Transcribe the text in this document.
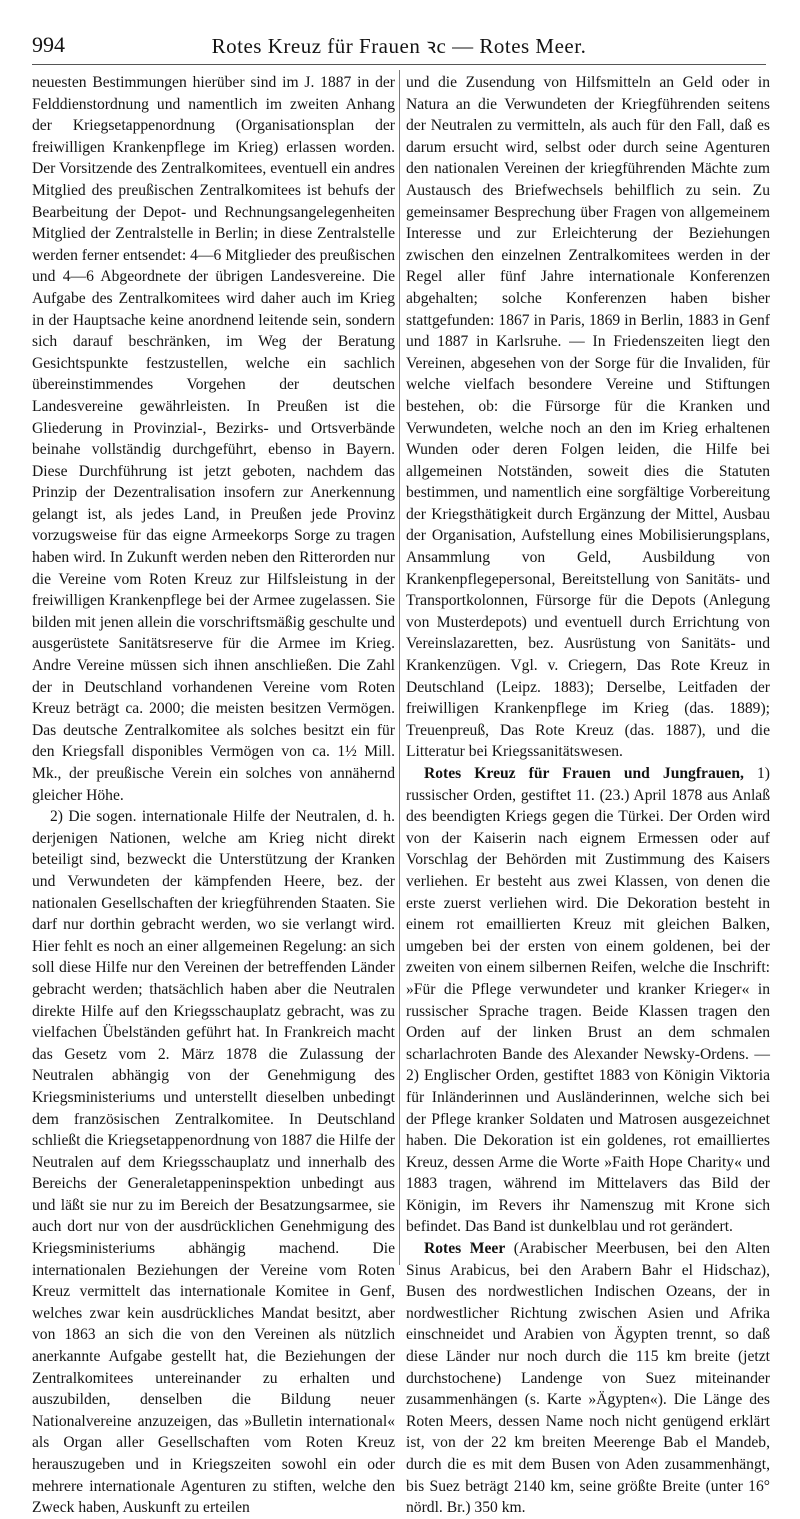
994	Rotes Kreuz für Frauen ꝛc — Rotes Meer.

neuesten Bestimmungen hierüber sind im J. 1887 in der Felddienstordnung und namentlich im zweiten Anhang der Kriegsetappenordnung (Organisationsplan der freiwilligen Krankenpflege im Krieg) erlassen worden. Der Vorsitzende des Zentralkomitees, eventuell ein andres Mitglied des preußischen Zentralkomitees ist behufs der Bearbeitung der Depot- und Rechnungsangelegenheiten Mitglied der Zentralstelle in Berlin; in diese Zentralstelle werden ferner entsendet: 4—6 Mitglieder des preußischen und 4—6 Abgeordnete der übrigen Landesvereine. Die Aufgabe des Zentralkomitees wird daher auch im Krieg in der Hauptsache keine anordnend leitende sein, sondern sich darauf beschränken, im Weg der Beratung Gesichtspunkte festzustellen, welche ein sachlich übereinstimmendes Vorgehen der deutschen Landesvereine gewährleisten. In Preußen ist die Gliederung in Provinzial-, Bezirks- und Ortsverbände beinahe vollständig durchgeführt, ebenso in Bayern. Diese Durchführung ist jetzt geboten, nachdem das Prinzip der Dezentralisation insofern zur Anerkennung gelangt ist, als jedes Land, in Preußen jede Provinz vorzugsweise für das eigne Armeekorps Sorge zu tragen haben wird. In Zukunft werden neben den Ritterorden nur die Vereine vom Roten Kreuz zur Hilfsleistung in der freiwilligen Krankenpflege bei der Armee zugelassen. Sie bilden mit jenen allein die vorschriftsmäßig geschulte und ausgerüstete Sanitätsreserve für die Armee im Krieg. Andre Vereine müssen sich ihnen anschließen. Die Zahl der in Deutschland vorhandenen Vereine vom Roten Kreuz beträgt ca. 2000; die meisten besitzen Vermögen. Das deutsche Zentralkomitee als solches besitzt ein für den Kriegsfall disponibles Vermögen von ca. 1½ Mill. Mk., der preußische Verein ein solches von annähernd gleicher Höhe.

2) Die sogen. internationale Hilfe der Neutralen, d. h. derjenigen Nationen, welche am Krieg nicht direkt beteiligt sind, bezweckt die Unterstützung der Kranken und Verwundeten der kämpfenden Heere, bez. der nationalen Gesellschaften der kriegführenden Staaten. Sie darf nur dorthin gebracht werden, wo sie verlangt wird. Hier fehlt es noch an einer allgemeinen Regelung: an sich soll diese Hilfe nur den Vereinen der betreffenden Länder gebracht werden; thatsächlich haben aber die Neutralen direkte Hilfe auf den Kriegsschauplatz gebracht, was zu vielfachen Übelständen geführt hat. In Frankreich macht das Gesetz vom 2. März 1878 die Zulassung der Neutralen abhängig von der Genehmigung des Kriegsministeriums und unterstellt dieselben unbedingt dem französischen Zentralkomitee. In Deutschland schließt die Kriegsetappenordnung von 1887 die Hilfe der Neutralen auf dem Kriegsschauplatz und innerhalb des Bereichs der Generaletappeninspektion unbedingt aus und läßt sie nur zu im Bereich der Besatzungsarmee, sie auch dort nur von der ausdrücklichen Genehmigung des Kriegsministeriums abhängig machend. Die internationalen Beziehungen der Vereine vom Roten Kreuz vermittelt das internationale Komitee in Genf, welches zwar kein ausdrückliches Mandat besitzt, aber von 1863 an sich die von den Vereinen als nützlich anerkannte Aufgabe gestellt hat, die Beziehungen der Zentralkomitees untereinander zu erhalten und auszubilden, denselben die Bildung neuer Nationalvereine anzuzeigen, das »Bulletin international« als Organ aller Gesellschaften vom Roten Kreuz herauszugeben und in Kriegszeiten sowohl ein oder mehrere internationale Agenturen zu stiften, welche den Zweck haben, Auskunft zu erteilen

und die Zusendung von Hilfsmitteln an Geld oder in Natura an die Verwundeten der Kriegführenden seitens der Neutralen zu vermitteln, als auch für den Fall, daß es darum ersucht wird, selbst oder durch seine Agenturen den nationalen Vereinen der kriegführenden Mächte zum Austausch des Briefwechsels behilflich zu sein. Zu gemeinsamer Besprechung über Fragen von allgemeinem Interesse und zur Erleichterung der Beziehungen zwischen den einzelnen Zentralkomitees werden in der Regel aller fünf Jahre internationale Konferenzen abgehalten; solche Konferenzen haben bisher stattgefunden: 1867 in Paris, 1869 in Berlin, 1883 in Genf und 1887 in Karlsruhe. — In Friedenszeiten liegt den Vereinen, abgesehen von der Sorge für die Invaliden, für welche vielfach besondere Vereine und Stiftungen bestehen, ob: die Fürsorge für die Kranken und Verwundeten, welche noch an den im Krieg erhaltenen Wunden oder deren Folgen leiden, die Hilfe bei allgemeinen Notständen, soweit dies die Statuten bestimmen, und namentlich eine sorgfältige Vorbereitung der Kriegsthätigkeit durch Ergänzung der Mittel, Ausbau der Organisation, Aufstellung eines Mobilisierungsplans, Ansammlung von Geld, Ausbildung von Krankenpflegepersonal, Bereitstellung von Sanitäts- und Transportkolonnen, Fürsorge für die Depots (Anlegung von Musterdepots) und eventuell durch Errichtung von Vereinslazaretten, bez. Ausrüstung von Sanitäts- und Krankenzügen. Vgl. v. Criegern, Das Rote Kreuz in Deutschland (Leipz. 1883); Derselbe, Leitfaden der freiwilligen Krankenpflege im Krieg (das. 1889); Treuenpreuß, Das Rote Kreuz (das. 1887), und die Litteratur bei Kriegssanitätswesen.

Rotes Kreuz für Frauen und Jungfrauen, 1) russischer Orden, gestiftet 11. (23.) April 1878 aus Anlaß des beendigten Kriegs gegen die Türkei. Der Orden wird von der Kaiserin nach eignem Ermessen oder auf Vorschlag der Behörden mit Zustimmung des Kaisers verliehen. Er besteht aus zwei Klassen, von denen die erste zuerst verliehen wird. Die Dekoration besteht in einem rot emaillierten Kreuz mit gleichen Balken, umgeben bei der ersten von einem goldenen, bei der zweiten von einem silbernen Reifen, welche die Inschrift: »Für die Pflege verwundeter und kranker Krieger« in russischer Sprache tragen. Beide Klassen tragen den Orden auf der linken Brust an dem schmalen scharlachroten Bande des Alexander Newsky-Ordens. — 2) Englischer Orden, gestiftet 1883 von Königin Viktoria für Inländerinnen und Ausländerinnen, welche sich bei der Pflege kranker Soldaten und Matrosen ausgezeichnet haben. Die Dekoration ist ein goldenes, rot emailliertes Kreuz, dessen Arme die Worte »Faith Hope Charity« und 1883 tragen, während im Mittelavers das Bild der Königin, im Revers ihr Namenszug mit Krone sich befindet. Das Band ist dunkelblau und rot gerändert.

Rotes Meer (Arabischer Meerbusen, bei den Alten Sinus Arabicus, bei den Arabern Bahr el Hidschaz), Busen des nordwestlichen Indischen Ozeans, der in nordwestlicher Richtung zwischen Asien und Afrika einschneidet und Arabien von Ägypten trennt, so daß diese Länder nur noch durch die 115 km breite (jetzt durchstochene) Landenge von Suez miteinander zusammenhängen (s. Karte »Ägypten«). Die Länge des Roten Meers, dessen Name noch nicht genügend erklärt ist, von der 22 km breiten Meerenge Bab el Mandeb, durch die es mit dem Busen von Aden zusammenhängt, bis Suez beträgt 2140 km, seine größte Breite (unter 16° nördl. Br.) 350 km.
